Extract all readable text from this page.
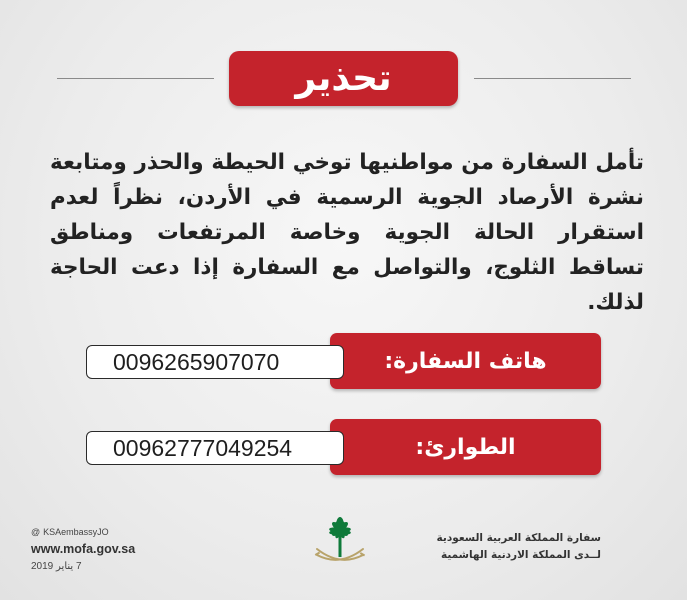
تحذير
تأمل السفارة من مواطنيها توخي الحيطة والحذر ومتابعة نشرة الأرصاد الجوية الرسمية في الأردن، نظراً لعدم استقرار الحالة الجوية وخاصة المرتفعات ومناطق تساقط الثلوج، والتواصل مع السفارة إذا دعت الحاجة لذلك.
هاتف السفارة:
0096265907070
الطوارئ:
00962777049254
@ KSAembassyJO
www.mofa.gov.sa
7 يناير 2019
سفارة المملكة العربية السعودية
لــدى المملكة الاردنية الهاشمية
